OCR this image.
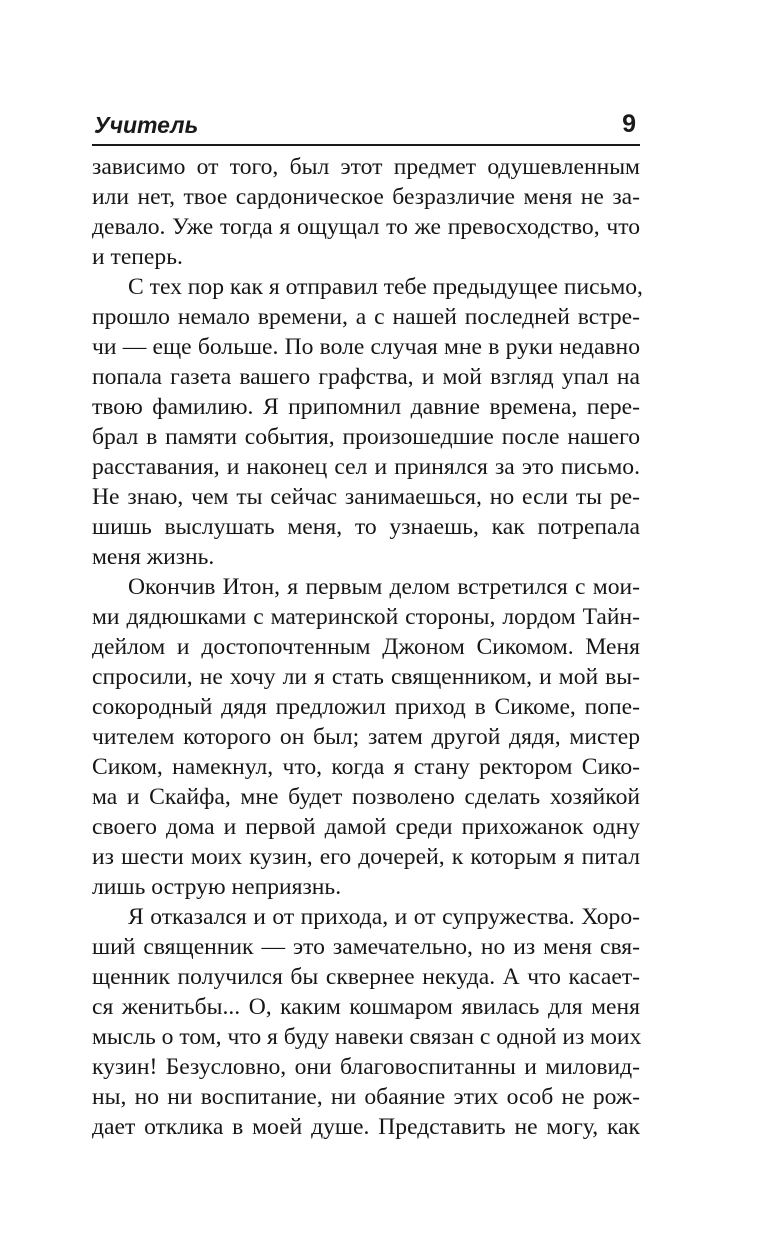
Учитель	9
зависимо от того, был этот предмет одушевленным
или нет, твое сардоническое безразличие меня не за-
девало. Уже тогда я ощущал то же превосходство, что
и теперь.
С тех пор как я отправил тебе предыдущее письмо,
прошло немало времени, а с нашей последней встре-
чи — еще больше. По воле случая мне в руки недавно
попала газета вашего графства, и мой взгляд упал на
твою фамилию. Я припомнил давние времена, пере-
брал в памяти события, произошедшие после нашего
расставания, и наконец сел и принялся за это письмо.
Не знаю, чем ты сейчас занимаешься, но если ты ре-
шишь выслушать меня, то узнаешь, как потрепала
меня жизнь.
Окончив Итон, я первым делом встретился с мои-
ми дядюшками с материнской стороны, лордом Тайн-
дейлом и достопочтенным Джоном Сикомом. Меня
спросили, не хочу ли я стать священником, и мой вы-
сокородный дядя предложил приход в Сикоме, попе-
чителем которого он был; затем другой дядя, мистер
Сиком, намекнул, что, когда я стану ректором Сико-
ма и Скайфа, мне будет позволено сделать хозяйкой
своего дома и первой дамой среди прихожанок одну
из шести моих кузин, его дочерей, к которым я питал
лишь острую неприязнь.
Я отказался и от прихода, и от супружества. Хоро-
ший священник — это замечательно, но из меня свя-
щенник получился бы сквернее некуда. А что касает-
ся женитьбы... О, каким кошмаром явилась для меня
мысль о том, что я буду навеки связан с одной из моих
кузин! Безусловно, они благовоспитанны и миловид-
ны, но ни воспитание, ни обаяние этих особ не рож-
дает отклика в моей душе. Представить не могу, как
